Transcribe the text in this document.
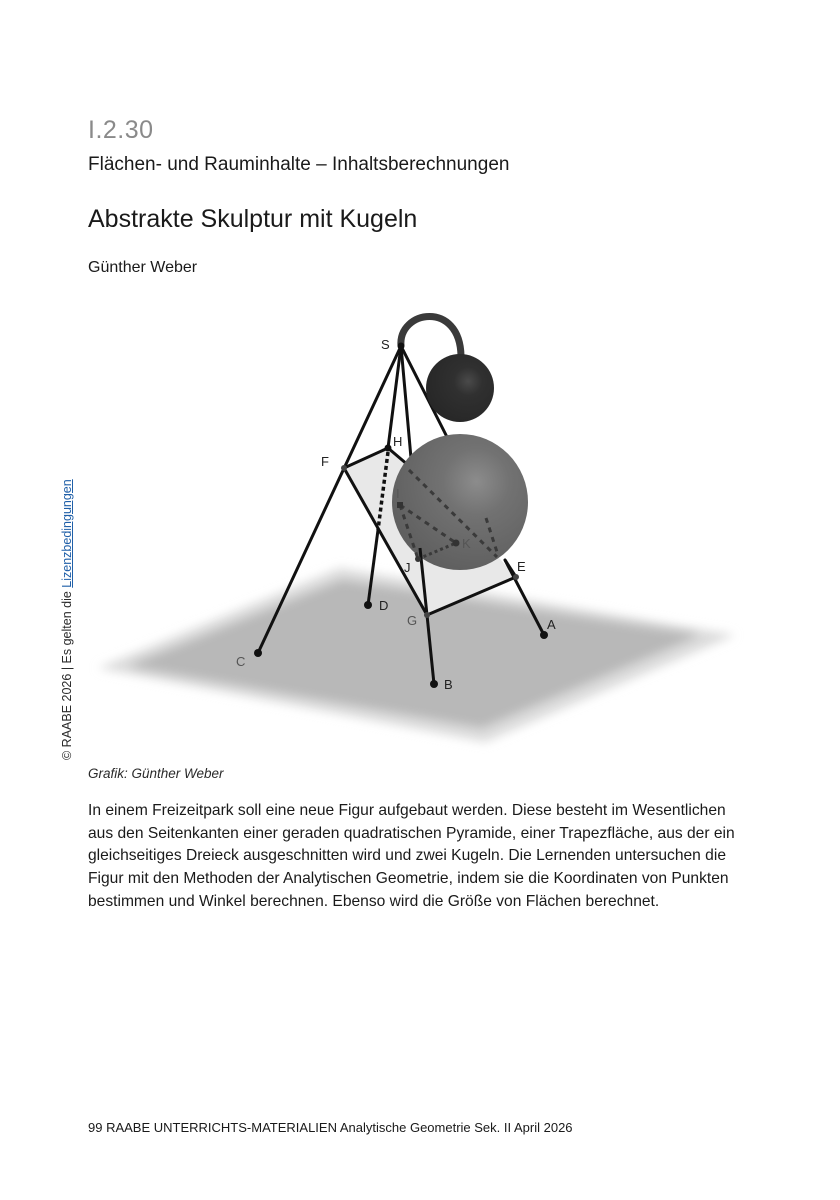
I.2.30
Flächen- und Rauminhalte – Inhaltsberechnungen
Abstrakte Skulptur mit Kugeln
Günther Weber
© RAABE 2026 | Es gelten die Lizenzbedingungen
S
F
H
I
J
K
E
G
D
A
C
B
Grafik: Günther Weber
In einem Freizeitpark soll eine neue Figur aufgebaut werden. Diese besteht im Wesentlichen
aus den Seitenkanten einer geraden quadratischen Pyramide, einer Trapezfläche, aus der ein
gleichseitiges Dreieck ausgeschnitten wird und zwei Kugeln. Die Lernenden untersuchen die
Figur mit den Methoden der Analytischen Geometrie, indem sie die Koordinaten von Punkten
bestimmen und Winkel berechnen. Ebenso wird die Größe von Flächen berechnet.
99 RAABE UNTERRICHTS-MATERIALIEN Analytische Geometrie Sek. II April 2026
